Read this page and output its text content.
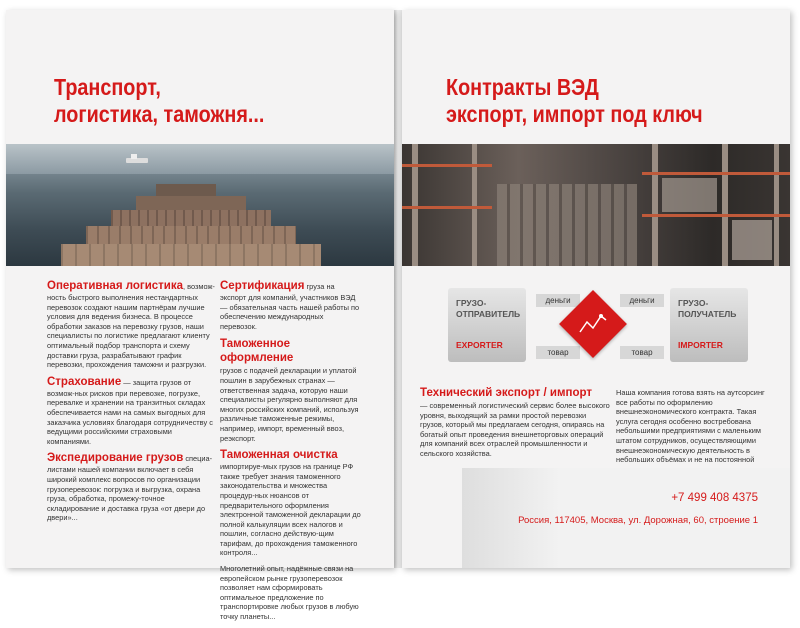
Транспорт,
логистика, таможня...
Оперативная логистика, возмож-ность быстрого выполнения нестандартных перевозок создают нашим партнёрам лучшие условия для ведения бизнеса. В процессе обработки заказов на перевозку грузов, наши специалисты по логистике предлагают клиенту оптимальный подбор транспорта и схему доставки груза, разрабатывают график перевозки, прохождения таможни и разгрузки.
Страхование — защита грузов от возмож-ных рисков при перевозке, погрузке, перевалке и хранении на транзитных складах обеспечивается нами на самых выгодных для заказчика условиях благодаря сотрудничеству с ведущими российскими страховыми компаниями.
Экспедирование грузов специа-листами нашей компании включает в себя широкий комплекс вопросов по организации грузоперевозок: погрузка и выгрузка, охрана груза, обработка, промежу-точное складирование и доставка груза «от двери до двери»...
Сертификация груза на экспорт для компаний, участников ВЭД — обязательная часть нашей работы по обеспечению международных перевозок.
Таможенное оформление
грузов с подачей декларации и уплатой пошлин в зарубежных странах — ответственная задача, которую наши специалисты регулярно выполняют для многих российских компаний, используя различные таможенные режимы, например, импорт, временный ввоз, реэкспорт.
Таможенная очистка импортируе-мых грузов на границе РФ также требует знания таможенного законодательства и множества процедур-ных нюансов от предварительного оформления электронной таможенной декларации до полной калькуляции всех налогов и пошлин, согласно действую-щим тарифам, до прохождения таможенного контроля...
Многолетний опыт, надёжные связи на европейском рынке грузоперевозок позволяет нам сформировать оптимальное предложение по транспортировке любых грузов в любую точку планеты...
Контракты ВЭД
экспорт, импорт под ключ
ГРУЗО-
ОТПРАВИТЕЛЬ
EXPORTER
ГРУЗО-
ПОЛУЧАТЕЛЬ
IMPORTER
деньги	деньги
товар	товар
Технический экспорт / импорт
— современный логистический сервис более высокого уровня, выходящий за рамки простой перевозки грузов, который мы предлагаем сегодня, опираясь на богатый опыт проведения внешнеторговых операций для компаний всех отраслей промышленности и сельского хозяйства.
Наша компания готова взять на аутсорсинг все работы по оформлению внешнеэкономического контракта. Такая услуга сегодня особенно востребована небольшими предприятиями с маленьким штатом сотрудников, осуществляющими внешнеэкономическую деятельность в небольших объёмах и не на постоянной
+7 499 408 4375
Россия, 117405, Москва, ул. Дорожная, 60, строение 1
